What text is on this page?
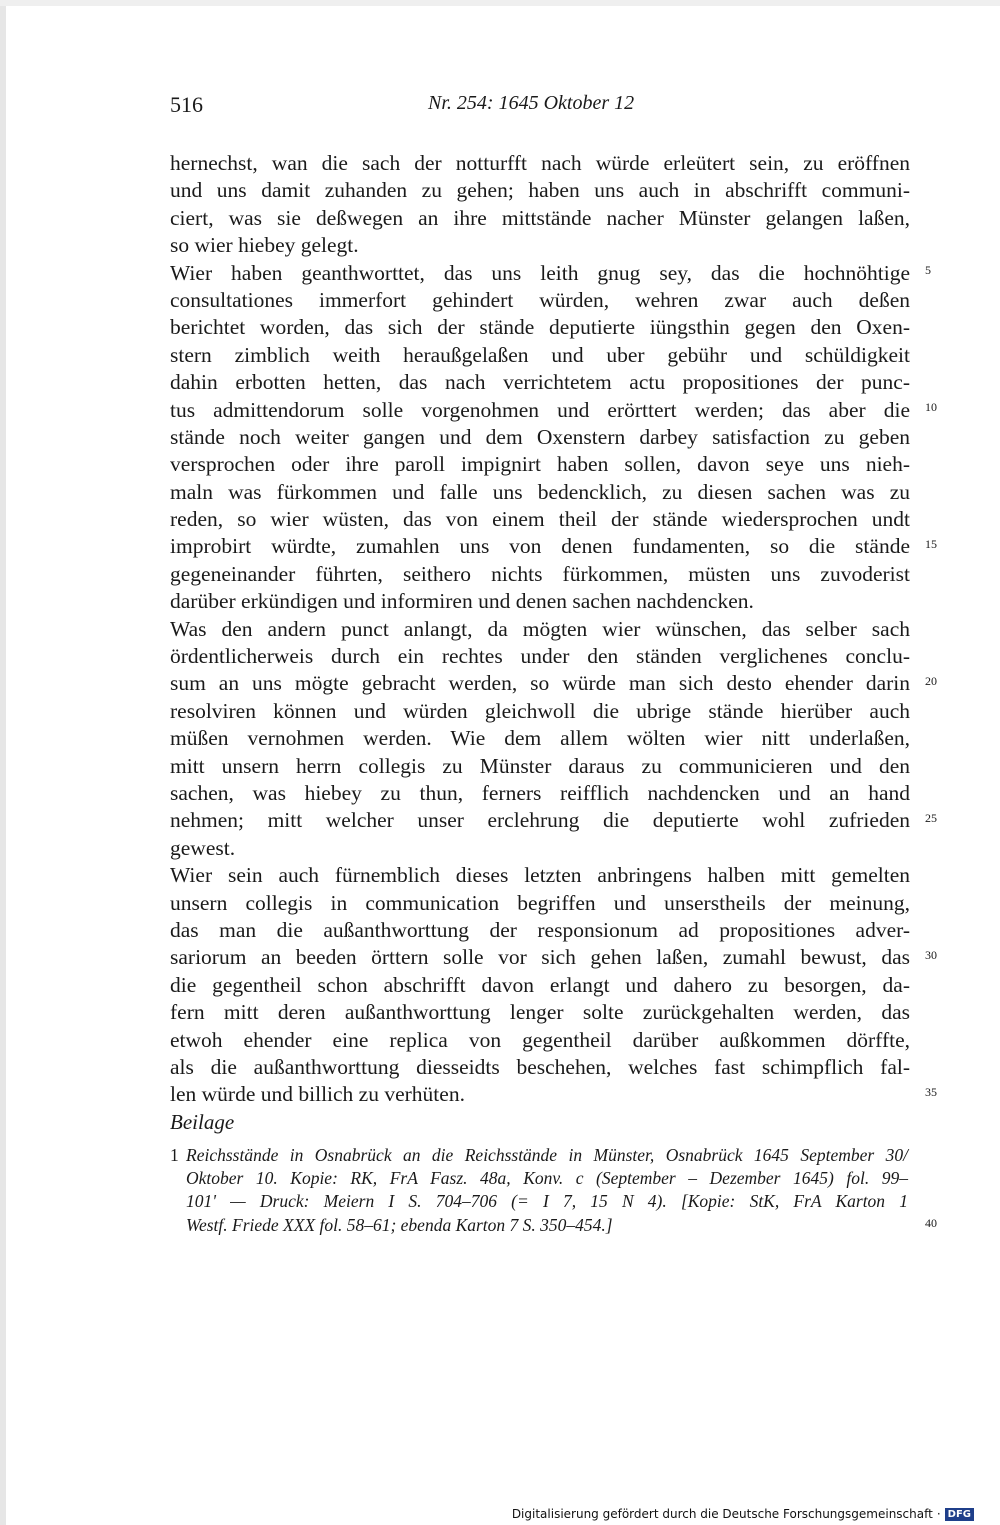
516	Nr. 254: 1645 Oktober 12
hernechst, wan die sach der notturfft nach würde erleütert sein, zu eröffnen
und uns damit zuhanden zu gehen; haben uns auch in abschrifft communi-
ciert, was sie deßwegen an ihre mittstände nacher Münster gelangen laßen,
so wier hiebey gelegt.
Wier haben geanthworttet, das uns leith gnug sey, das die hochnöhtige
consultationes immerfort gehindert würden, wehren zwar auch deßen
berichtet worden, das sich der stände deputierte iüngsthin gegen den Oxen-
stern zimblich weith heraußgelaßen und uber gebühr und schüldigkeit
dahin erbotten hetten, das nach verrichtetem actu propositiones der punc-
tus admittendorum solle vorgenohmen und erörttert werden; das aber die
stände noch weiter gangen und dem Oxenstern darbey satisfaction zu geben
versprochen oder ihre paroll impignirt haben sollen, davon seye uns nieh-
maln was fürkommen und falle uns bedencklich, zu diesen sachen was zu
reden, so wier wüsten, das von einem theil der stände wiedersprochen undt
improbirt würdte, zumahlen uns von denen fundamenten, so die stände
gegeneinander führten, seithero nichts fürkommen, müsten uns zuvoderist
darüber erkündigen und informiren und denen sachen nachdencken.
Was den andern punct anlangt, da mögten wier wünschen, das selber sach
ördentlicherweis durch ein rechtes under den ständen verglichenes conclu-
sum an uns mögte gebracht werden, so würde man sich desto ehender darin
resolviren können und würden gleichwoll die ubrige stände hierüber auch
müßen vernohmen werden. Wie dem allem wölten wier nitt underlaßen,
mitt unsern herrn collegis zu Münster daraus zu communicieren und den
sachen, was hiebey zu thun, ferners reifflich nachdencken und an hand
nehmen; mitt welcher unser erclehrung die deputierte wohl zufrieden
gewest.
Wier sein auch fürnemblich dieses letzten anbringens halben mitt gemelten
unsern collegis in communication begriffen und unserstheils der meinung,
das man die außanthworttung der responsionum ad propositiones adver-
sariorum an beeden örttern solle vor sich gehen laßen, zumahl bewust, das
die gegentheil schon abschrifft davon erlangt und dahero zu besorgen, da-
fern mitt deren außanthworttung lenger solte zurückgehalten werden, das
etwoh ehender eine replica von gegentheil darüber außkommen dörffte,
als die außanthworttung diesseidts beschehen, welches fast schimpflich fal-
len würde und billich zu verhüten.
5
10
15
20
25
30
35
Beilage
1 Reichsstände in Osnabrück an die Reichsstände in Münster, Osnabrück 1645 September 30/
Oktober 10. Kopie: RK, FrA Fasz. 48a, Konv. c (September – Dezember 1645) fol. 99–
101' — Druck: Meiern I S. 704–706 (= I 7, 15 N 4). [Kopie: StK, FrA Karton 1
Westf. Friede XXX fol. 58–61; ebenda Karton 7 S. 350–454.]	40
Digitalisierung gefördert durch die Deutsche Forschungsgemeinschaft · DFG
